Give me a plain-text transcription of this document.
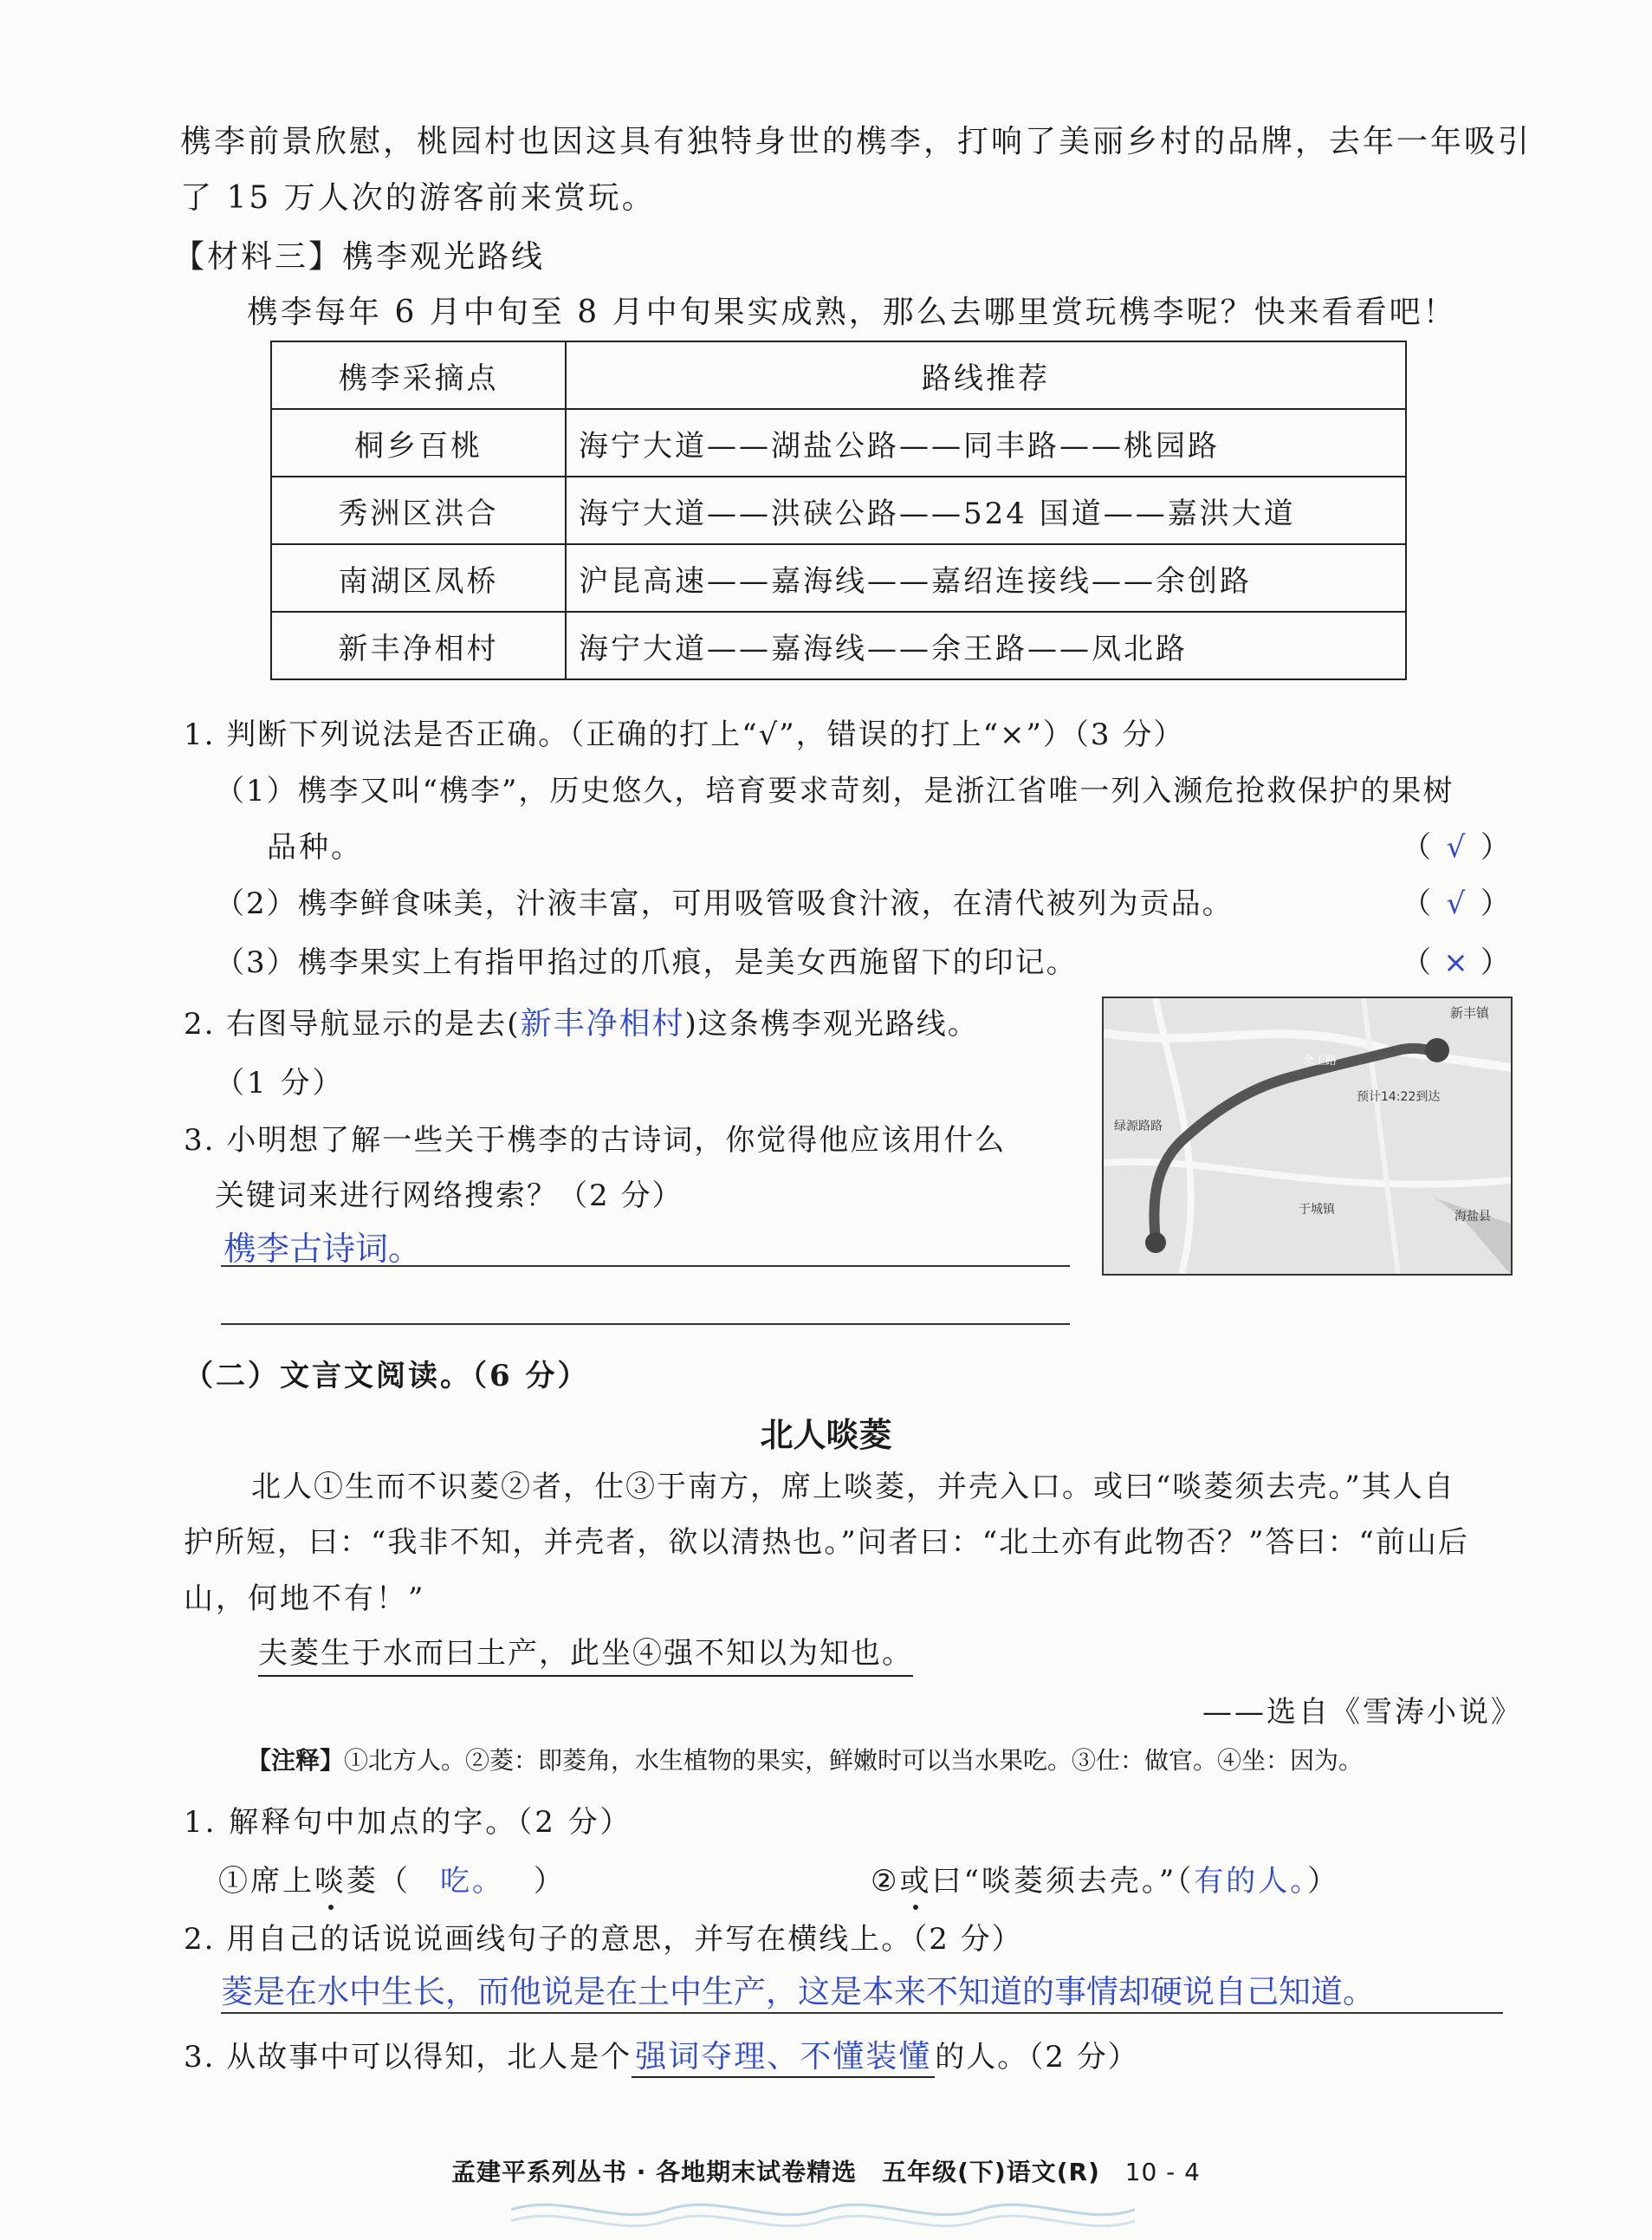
槜李前景欣慰，桃园村也因这具有独特身世的槜李，打响了美丽乡村的品牌，去年一年吸引
了 15 万人次的游客前来赏玩。
【材料三】槜李观光路线
槜李每年 6 月中旬至 8 月中旬果实成熟，那么去哪里赏玩槜李呢？快来看看吧！
槜李采摘点	路线推荐
桐乡百桃	海宁大道——湖盐公路——同丰路——桃园路
秀洲区洪合	海宁大道——洪硖公路——524 国道——嘉洪大道
南湖区凤桥	沪昆高速——嘉海线——嘉绍连接线——余创路
新丰净相村	海宁大道——嘉海线——余王路——凤北路
1. 判断下列说法是否正确。（正确的打上“√”，错误的打上“×”）（3 分）
（1）槜李又叫“槜李”，历史悠久，培育要求苛刻，是浙江省唯一列入濒危抢救保护的果树
品种。	（ √ ）
（2）槜李鲜食味美，汁液丰富，可用吸管吸食汁液，在清代被列为贡品。	（ √ ）
（3）槜李果实上有指甲掐过的爪痕，是美女西施留下的印记。	（ × ）
2. 右图导航显示的是去(新丰净相村)这条槜李观光路线。
（1 分）
3. 小明想了解一些关于槜李的古诗词，你觉得他应该用什么
关键词来进行网络搜索？（2 分）
槜李古诗词。
新丰镇
预计14:22到达
绿源路路
余王路
于城镇	海盐县
（二）文言文阅读。（6 分）
北人啖菱
北人①生而不识菱②者，仕③于南方，席上啖菱，并壳入口。或曰“啖菱须去壳。”其人自
护所短，曰：“我非不知，并壳者，欲以清热也。”问者曰：“北土亦有此物否？”答曰：“前山后
山，何地不有！”
夫菱生于水而曰土产，此坐④强不知以为知也。
——选自《雪涛小说》
【注释】①北方人。②菱：即菱角，水生植物的果实，鲜嫩时可以当水果吃。③仕：做官。④坐：因为。
1. 解释句中加点的字。（2 分）
①席上啖菱（ 吃。 ）	②或曰“啖菱须去壳。”（有的人。）
2. 用自己的话说说画线句子的意思，并写在横线上。（2 分）
菱是在水中生长，而他说是在土中生产，这是本来不知道的事情却硬说自己知道。
3. 从故事中可以得知，北人是个 强词夺理、不懂装懂 的人。（2 分）
孟建平系列丛书 · 各地期末试卷精选　五年级(下)语文(R) 10 - 4
